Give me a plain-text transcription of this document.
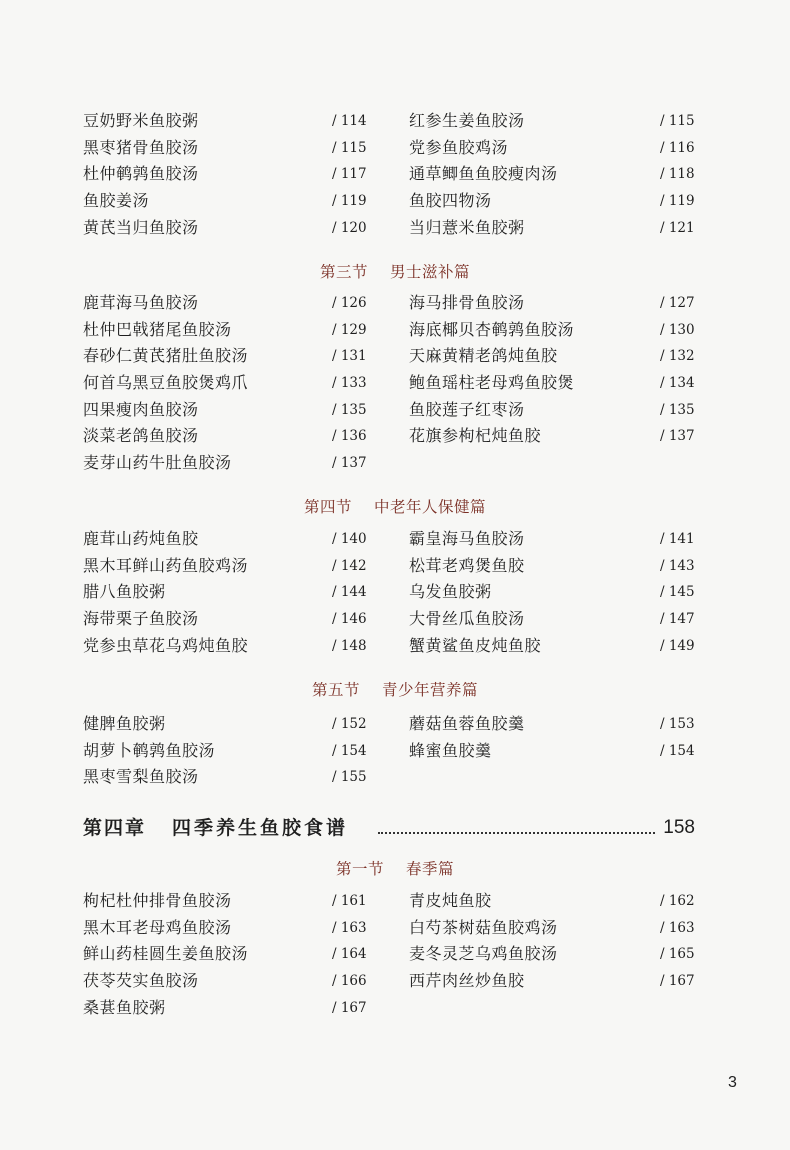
豆奶野米鱼胶粥	/ 114	红参生姜鱼胶汤	/ 115
黑枣猪骨鱼胶汤	/ 115	党参鱼胶鸡汤	/ 116
杜仲鹌鹑鱼胶汤	/ 117	通草鲫鱼鱼胶瘦肉汤	/ 118
鱼胶姜汤	/ 119	鱼胶四物汤	/ 119
黄芪当归鱼胶汤	/ 120	当归薏米鱼胶粥	/ 121
第三节 男士滋补篇
鹿茸海马鱼胶汤	/ 126	海马排骨鱼胶汤	/ 127
杜仲巴戟猪尾鱼胶汤	/ 129	海底椰贝杏鹌鹑鱼胶汤	/ 130
春砂仁黄芪猪肚鱼胶汤	/ 131	天麻黄精老鸽炖鱼胶	/ 132
何首乌黑豆鱼胶煲鸡爪	/ 133	鲍鱼瑶柱老母鸡鱼胶煲	/ 134
四果瘦肉鱼胶汤	/ 135	鱼胶莲子红枣汤	/ 135
淡菜老鸽鱼胶汤	/ 136	花旗参枸杞炖鱼胶	/ 137
麦芽山药牛肚鱼胶汤	/ 137
第四节 中老年人保健篇
鹿茸山药炖鱼胶	/ 140	霸皇海马鱼胶汤	/ 141
黑木耳鲜山药鱼胶鸡汤	/ 142	松茸老鸡煲鱼胶	/ 143
腊八鱼胶粥	/ 144	乌发鱼胶粥	/ 145
海带栗子鱼胶汤	/ 146	大骨丝瓜鱼胶汤	/ 147
党参虫草花乌鸡炖鱼胶	/ 148	蟹黄鲨鱼皮炖鱼胶	/ 149
第五节 青少年营养篇
健脾鱼胶粥	/ 152	蘑菇鱼蓉鱼胶羹	/ 153
胡萝卜鹌鹑鱼胶汤	/ 154	蜂蜜鱼胶羹	/ 154
黑枣雪梨鱼胶汤	/ 155
第四章 四季养生鱼胶食谱	158
第一节 春季篇
枸杞杜仲排骨鱼胶汤	/ 161	青皮炖鱼胶	/ 162
黑木耳老母鸡鱼胶汤	/ 163	白芍茶树菇鱼胶鸡汤	/ 163
鲜山药桂圆生姜鱼胶汤	/ 164	麦冬灵芝乌鸡鱼胶汤	/ 165
茯苓芡实鱼胶汤	/ 166	西芹肉丝炒鱼胶	/ 167
桑葚鱼胶粥	/ 167
3
